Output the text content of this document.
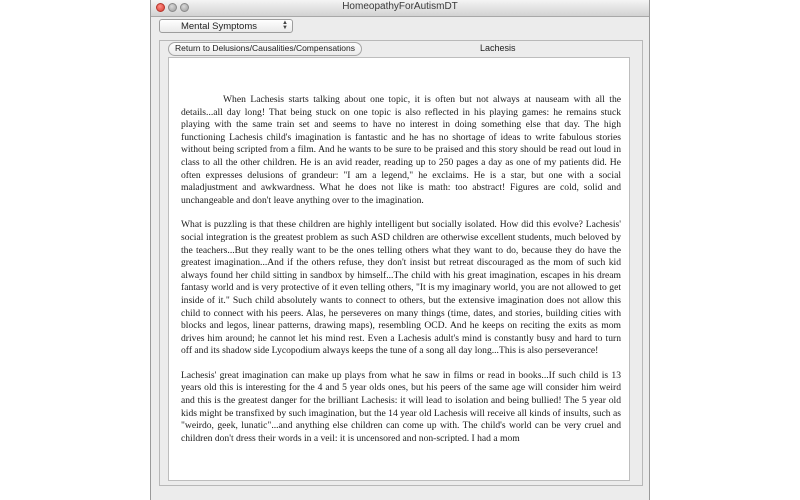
HomeopathyForAutismDT
Mental Symptoms	▲
▼
Return to Delusions/Causalities/Compensations	Lachesis

When Lachesis starts talking about one topic, it is often but not always at nauseam with all the details...all day long! That being stuck on one topic is also reflected in his playing games: he remains stuck playing with the same train set and seems to have no interest in doing something else that day. The high functioning Lachesis child's imagination is fantastic and he has no shortage of ideas to write fabulous stories without being scripted from a film. And he wants to be sure to be praised and this story should be read out loud in class to all the other children. He is an avid reader, reading up to 250 pages a day as one of my patients did. He often expresses delusions of grandeur: "I am a legend," he exclaims. He is a star, but one with a social maladjustment and awkwardness. What he does not like is math: too abstract! Figures are cold, solid and unchangeable and don't leave anything over to the imagination.

What is puzzling is that these children are highly intelligent but socially isolated. How did this evolve? Lachesis' social integration is the greatest problem as such ASD children are otherwise excellent students, much beloved by the teachers...But they really want to be the ones telling others what they want to do, because they do have the greatest imagination...And if the others refuse, they don't insist but retreat discouraged as the mom of such kid always found her child sitting in sandbox by himself...The child with his great imagination, escapes in his dream fantasy world and is very protective of it even telling others, "It is my imaginary world, you are not allowed to get inside of it." Such child absolutely wants to connect to others, but the extensive imagination does not allow this child to connect with his peers. Alas, he perseveres on many things (time, dates, and stories, building cities with blocks and legos, linear patterns, drawing maps), resembling OCD. And he keeps on reciting the exits as mom drives him around; he cannot let his mind rest. Even a Lachesis adult's mind is constantly busy and hard to turn off and its shadow side Lycopodium always keeps the tune of a song all day long...This is also perseverance!

Lachesis' great imagination can make up plays from what he saw in films or read in books...If such child is 13 years old this is interesting for the 4 and 5 year olds ones, but his peers of the same age will consider him weird and this is the greatest danger for the brilliant Lachesis: it will lead to isolation and being bullied! The 5 year old kids might be transfixed by such imagination, but the 14 year old Lachesis will receive all kinds of insults, such as "weirdo, geek, lunatic"...and anything else children can come up with. The child's world can be very cruel and children don't dress their words in a veil: it is uncensored and non-scripted. I had a mom
